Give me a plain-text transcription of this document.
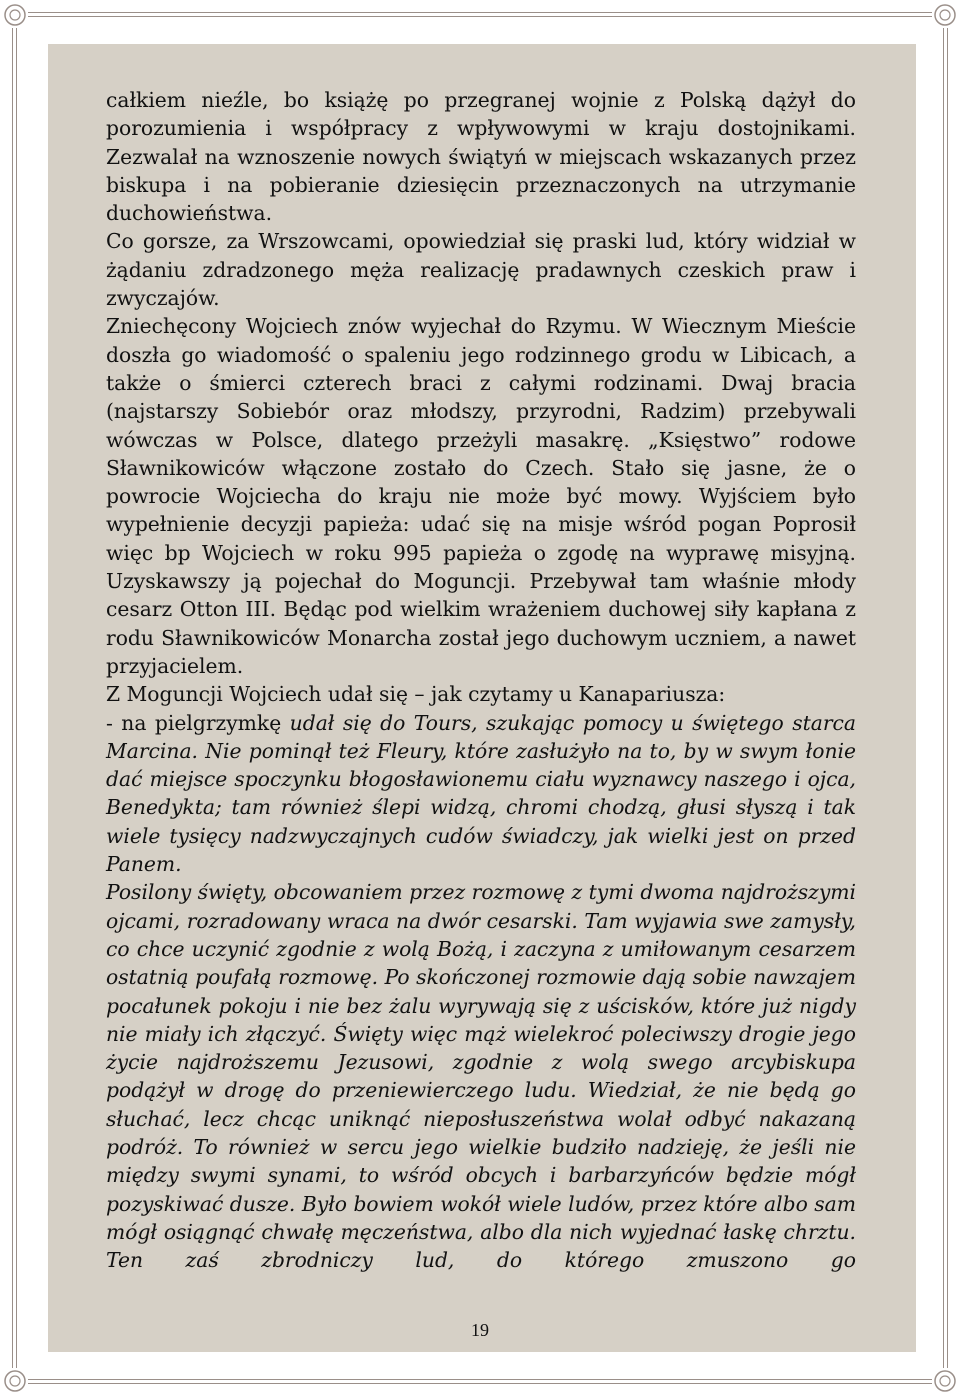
całkiem nieźle, bo książę po przegranej wojnie z Polską dążył do porozumienia i współpracy z wpływowymi w kraju dostojnikami. Zezwalał na wznoszenie nowych świątyń w miejscach wskazanych przez biskupa i na pobieranie dziesięcin przeznaczonych na utrzymanie duchowieństwa.

Co gorsze, za Wrszowcami, opowiedział się praski lud, który widział w żądaniu zdradzonego męża realizację pradawnych czeskich praw i zwyczajów.

Zniechęcony Wojciech znów wyjechał do Rzymu. W Wiecznym Mieście doszła go wiadomość o spaleniu jego rodzinnego grodu w Libicach, a także o śmierci czterech braci z całymi rodzinami. Dwaj bracia (najstarszy Sobiebór oraz młodszy, przyrodni, Radzim) przebywali wówczas w Polsce, dlatego przeżyli masakrę. „Księstwo” rodowe Sławnikowiców włączone zostało do Czech. Stało się jasne, że o powrocie Wojciecha do kraju nie może być mowy. Wyjściem było wypełnienie decyzji papieża: udać się na misje wśród pogan Poprosił więc bp Wojciech w roku 995 papieża o zgodę na wyprawę misyjną. Uzyskawszy ją pojechał do Moguncji. Przebywał tam właśnie młody cesarz Otton III. Będąc pod wielkim wrażeniem duchowej siły kapłana z rodu Sławnikowiców Monarcha został jego duchowym uczniem, a nawet przyjacielem.

Z Moguncji Wojciech udał się – jak czytamy u Kanapariusza:

- na pielgrzymkę udał się do Tours, szukając pomocy u świętego starca Marcina. Nie pominął też Fleury, które zasłużyło na to, by w swym łonie dać miejsce spoczynku błogosławionemu ciału wyznawcy naszego i ojca, Benedykta; tam również ślepi widzą, chromi chodzą, głusi słyszą i tak wiele tysięcy nadzwyczajnych cudów świadczy, jak wielki jest on przed Panem.

Posilony święty, obcowaniem przez rozmowę z tymi dwoma najdroższymi ojcami, rozradowany wraca na dwór cesarski. Tam wyjawia swe zamysły, co chce uczynić zgodnie z wolą Bożą, i zaczyna z umiłowanym cesarzem ostatnią poufałą rozmowę. Po skończonej rozmowie dają sobie nawzajem pocałunek pokoju i nie bez żalu wyrywają się z uścisków, które już nigdy nie miały ich złączyć. Święty więc mąż wielekroć poleciwszy drogie jego życie najdroższemu Jezusowi, zgodnie z wolą swego arcybiskupa podążył w drogę do przeniewierczego ludu. Wiedział, że nie będą go słuchać, lecz chcąc uniknąć nieposłuszeństwa wolał odbyć nakazaną podróż. To również w sercu jego wielkie budziło nadzieję, że jeśli nie między swymi synami, to wśród obcych i barbarzyńców będzie mógł pozyskiwać dusze. Było bowiem wokół wiele ludów, przez które albo sam mógł osiągnąć chwałę męczeństwa, albo dla nich wyjednać łaskę chrztu. Ten zaś zbrodniczy lud, do którego zmuszono go

19
